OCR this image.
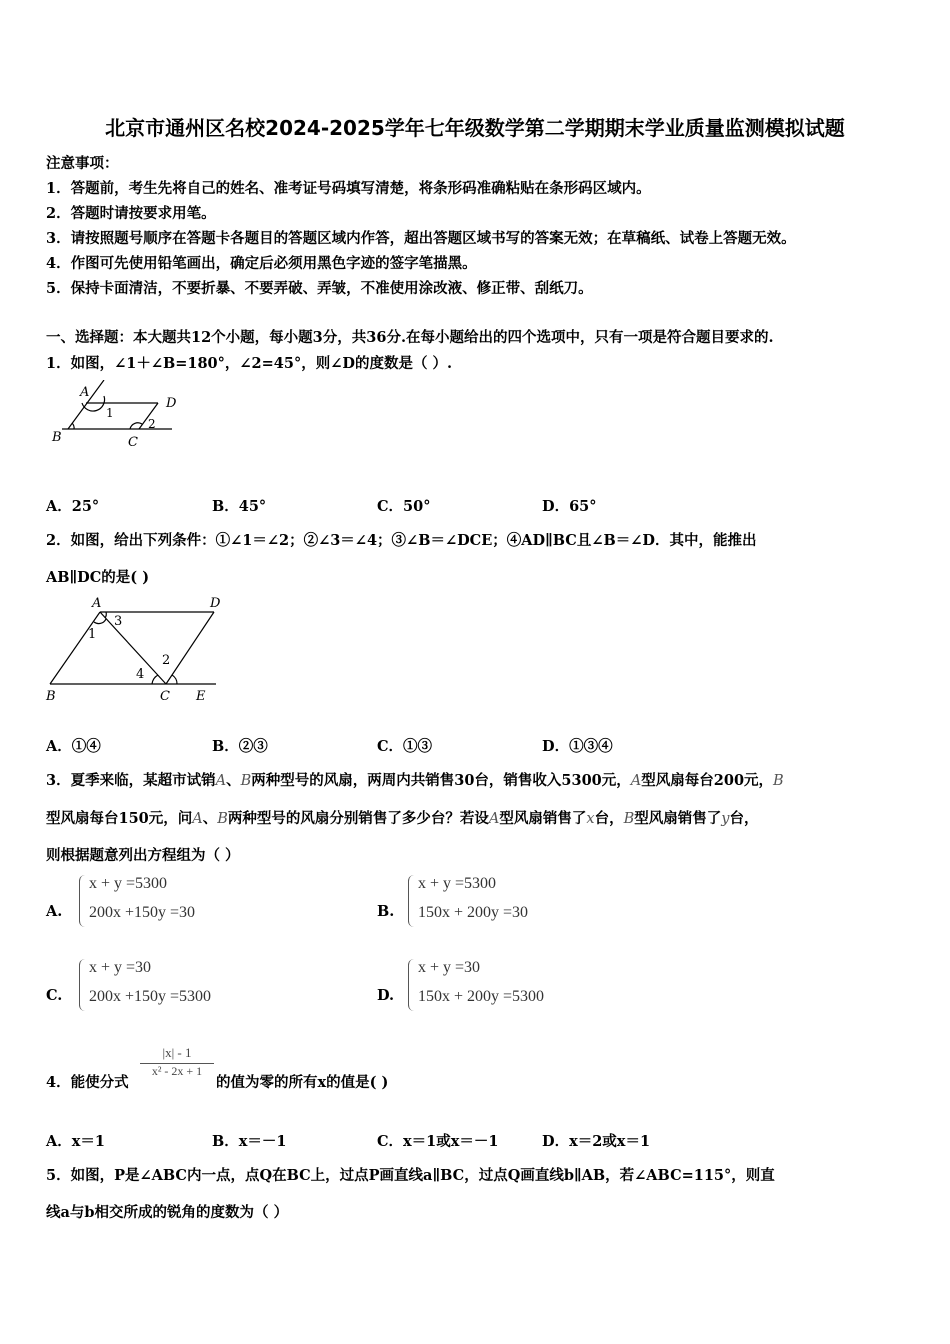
北京市通州区名校2024-2025学年七年级数学第二学期期末学业质量监测模拟试题
注意事项：
1．答题前，考生先将自己的姓名、准考证号码填写清楚，将条形码准确粘贴在条形码区域内。
2．答题时请按要求用笔。
3．请按照题号顺序在答题卡各题目的答题区域内作答，超出答题区域书写的答案无效；在草稿纸、试卷上答题无效。
4．作图可先使用铅笔画出，确定后必须用黑色字迹的签字笔描黑。
5．保持卡面清洁，不要折暴、不要弄破、弄皱，不准使用涂改液、修正带、刮纸刀。
一、选择题：本大题共12个小题，每小题3分，共36分.在每小题给出的四个选项中，只有一项是符合题目要求的.
1．如图，∠1＋∠B=180°，∠2=45°，则∠D的度数是（ ）.
A
D
B	C
1
2
A．25°	B．45°	C．50°	D．65°
2．如图，给出下列条件：①∠1＝∠2；②∠3＝∠4；③∠B＝∠DCE；④AD∥BC且∠B＝∠D．其中，能推出
AB∥DC的是( )
A	D
B	C E
1
3
4
2
A．①④	B．②③	C．①③	D．①③④
3．夏季来临，某超市试销A、B两种型号的风扇，两周内共销售30台，销售收入5300元，A型风扇每台200元，B
型风扇每台150元，问A、B两种型号的风扇分别销售了多少台？若设A型风扇销售了x台，B型风扇销售了y台，
则根据题意列出方程组为（ ）
A.
x + y =5300
200x +150y =30	B.
x + y =5300
150x + 200y =30
C.
x + y =30
200x +150y =5300	D.
x + y =30
150x + 200y =5300
4．能使分式
|x| - 1
x² - 2x + 1
的值为零的所有x的值是( )
A．x＝1	B．x＝－1	C．x＝1或x＝－1	D．x＝2或x＝1
5．如图，P是∠ABC内一点，点Q在BC上，过点P画直线a∥BC，过点Q画直线b∥AB，若∠ABC=115°，则直
线a与b相交所成的锐角的度数为（ ）
